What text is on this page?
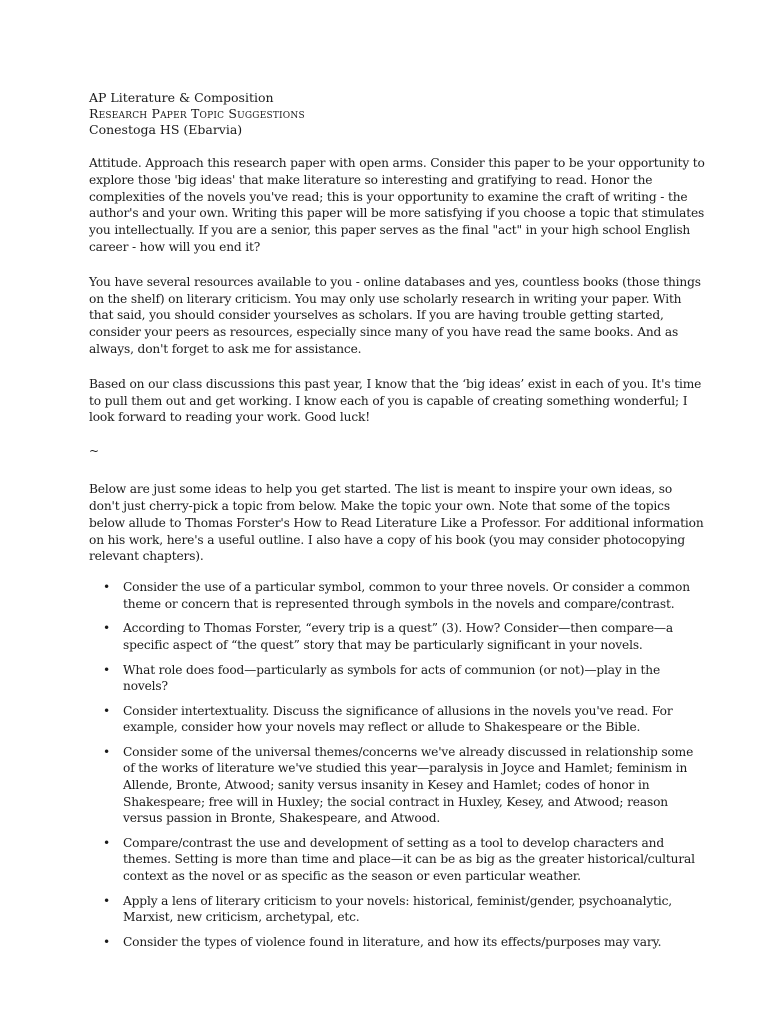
AP Literature & Composition

Research Paper Topic Suggestions

Conestoga HS (Ebarvia)

Attitude. Approach this research paper with open arms. Consider this paper to be your opportunity to explore those 'big ideas' that make literature so interesting and gratifying to read. Honor the complexities of the novels you've read; this is your opportunity to examine the craft of writing - the author's and your own. Writing this paper will be more satisfying if you choose a topic that stimulates you intellectually. If you are a senior, this paper serves as the final "act" in your high school English career - how will you end it?

You have several resources available to you - online databases and yes, countless books (those things on the shelf) on literary criticism. You may only use scholarly research in writing your paper. With that said, you should consider yourselves as scholars. If you are having trouble getting started, consider your peers as resources, especially since many of you have read the same books. And as always, don't forget to ask me for assistance.

Based on our class discussions this past year, I know that the ‘big ideas’ exist in each of you. It's time to pull them out and get working. I know each of you is capable of creating something wonderful; I look forward to reading your work. Good luck!

~

Below are just some ideas to help you get started. The list is meant to inspire your own ideas, so don't just cherry-pick a topic from below. Make the topic your own. Note that some of the topics below allude to Thomas Forster's How to Read Literature Like a Professor. For additional information on his work, here's a useful outline. I also have a copy of his book (you may consider photocopying relevant chapters).

• Consider the use of a particular symbol, common to your three novels. Or consider a common theme or concern that is represented through symbols in the novels and compare/contrast.
• According to Thomas Forster, “every trip is a quest” (3). How? Consider—then compare—a specific aspect of “the quest” story that may be particularly significant in your novels.
• What role does food—particularly as symbols for acts of communion (or not)—play in the novels?
• Consider intertextuality. Discuss the significance of allusions in the novels you've read. For example, consider how your novels may reflect or allude to Shakespeare or the Bible.
• Consider some of the universal themes/concerns we've already discussed in relationship some of the works of literature we've studied this year—paralysis in Joyce and Hamlet; feminism in Allende, Bronte, Atwood; sanity versus insanity in Kesey and Hamlet; codes of honor in Shakespeare; free will in Huxley; the social contract in Huxley, Kesey, and Atwood; reason versus passion in Bronte, Shakespeare, and Atwood.
• Compare/contrast the use and development of setting as a tool to develop characters and themes. Setting is more than time and place—it can be as big as the greater historical/cultural context as the novel or as specific as the season or even particular weather.
• Apply a lens of literary criticism to your novels: historical, feminist/gender, psychoanalytic, Marxist, new criticism, archetypal, etc.
• Consider the types of violence found in literature, and how its effects/purposes may vary.
